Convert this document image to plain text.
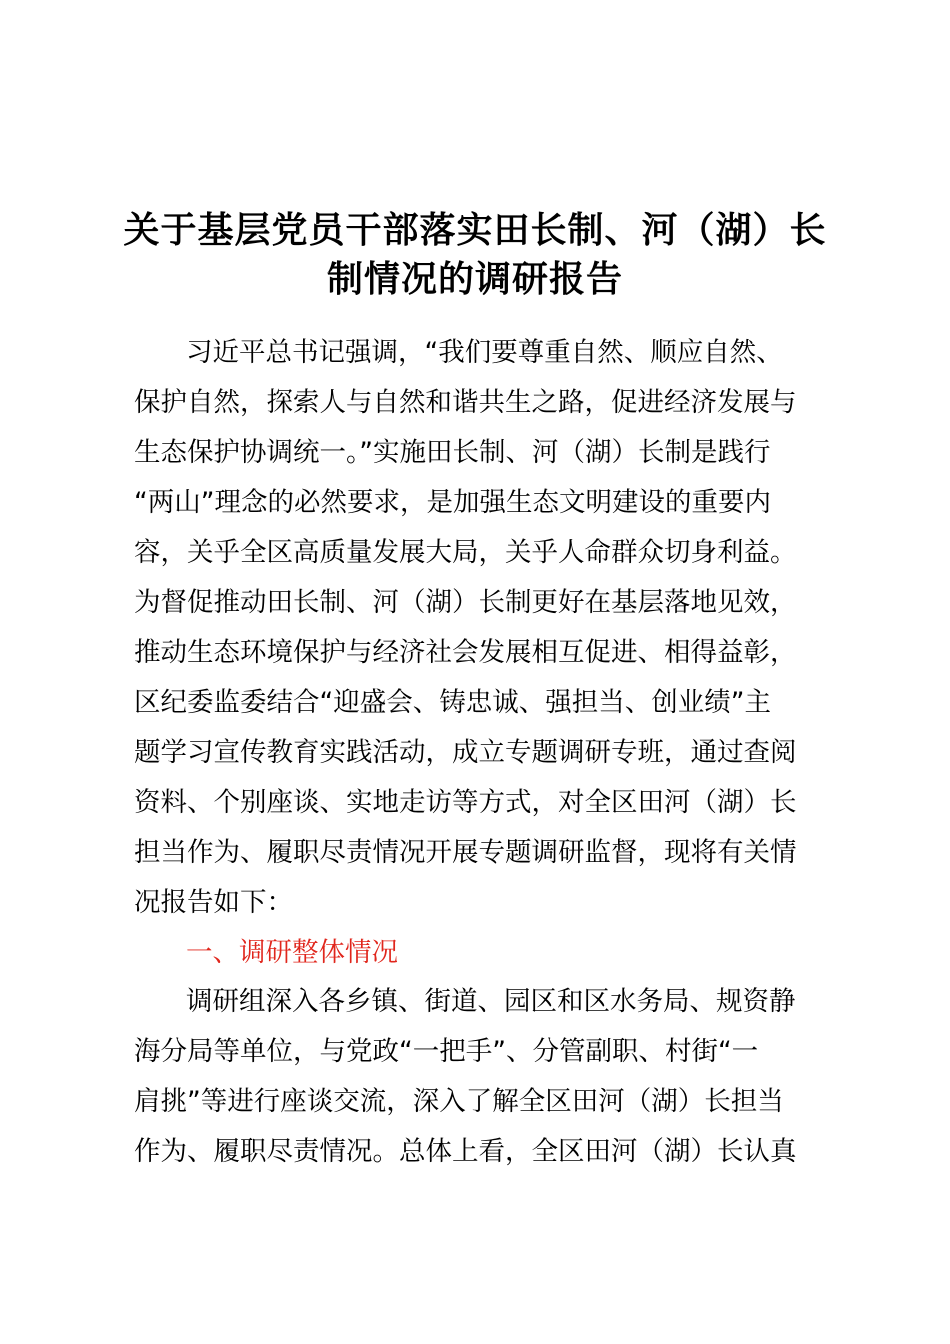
关于基层党员干部落实田长制、河（湖）长
制情况的调研报告
习近平总书记强调，“我们要尊重自然、顺应自然、
保护自然，探索人与自然和谐共生之路，促进经济发展与
生态保护协调统一。”实施田长制、河（湖）长制是践行
“两山”理念的必然要求，是加强生态文明建设的重要内
容，关乎全区高质量发展大局，关乎人命群众切身利益。
为督促推动田长制、河（湖）长制更好在基层落地见效，
推动生态环境保护与经济社会发展相互促进、相得益彰，
区纪委监委结合“迎盛会、铸忠诚、强担当、创业绩”主
题学习宣传教育实践活动，成立专题调研专班，通过查阅
资料、个别座谈、实地走访等方式，对全区田河（湖）长
担当作为、履职尽责情况开展专题调研监督，现将有关情
况报告如下：
一、调研整体情况
调研组深入各乡镇、街道、园区和区水务局、规资静
海分局等单位，与党政“一把手”、分管副职、村街“一
肩挑”等进行座谈交流，深入了解全区田河（湖）长担当
作为、履职尽责情况。总体上看，全区田河（湖）长认真
